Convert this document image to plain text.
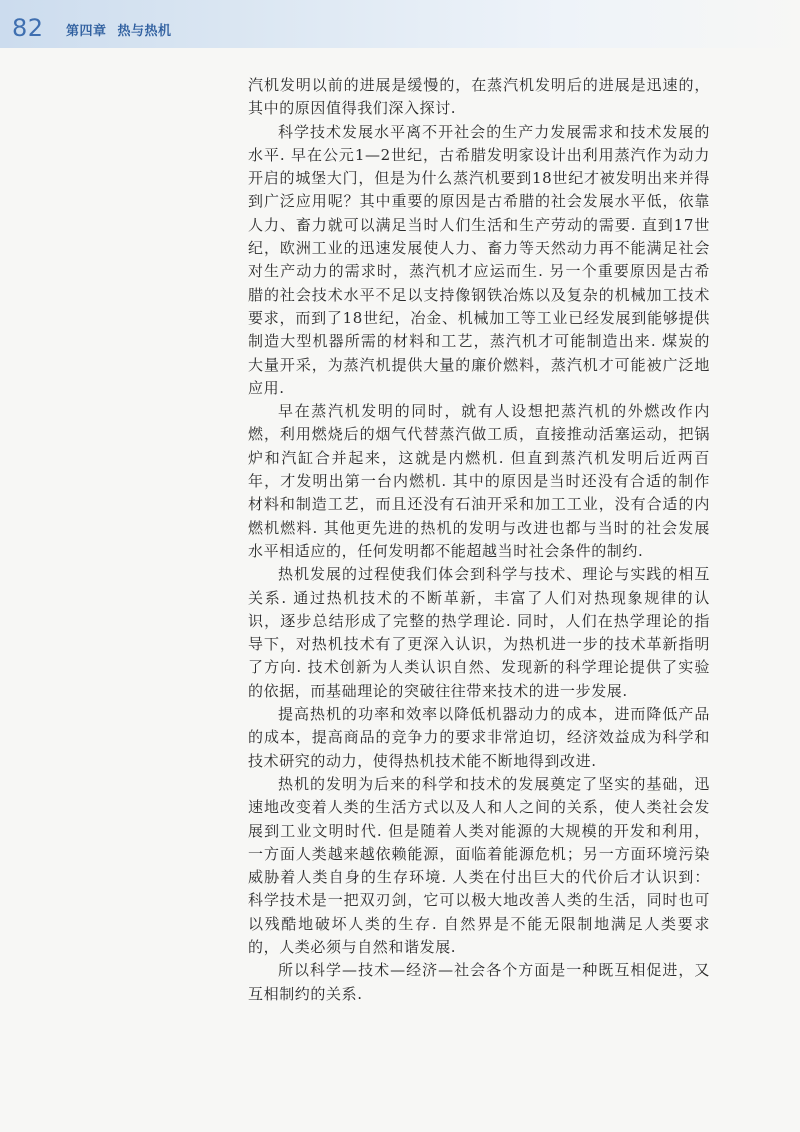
82 第四章 热与热机

汽机发明以前的进展是缓慢的，在蒸汽机发明后的进展是迅速的，其中的原因值得我们深入探讨.

科学技术发展水平离不开社会的生产力发展需求和技术发展的水平. 早在公元1—2世纪，古希腊发明家设计出利用蒸汽作为动力开启的城堡大门，但是为什么蒸汽机要到18世纪才被发明出来并得到广泛应用呢？其中重要的原因是古希腊的社会发展水平低，依靠人力、畜力就可以满足当时人们生活和生产劳动的需要. 直到17世纪，欧洲工业的迅速发展使人力、畜力等天然动力再不能满足社会对生产动力的需求时，蒸汽机才应运而生. 另一个重要原因是古希腊的社会技术水平不足以支持像钢铁冶炼以及复杂的机械加工技术要求，而到了18世纪，冶金、机械加工等工业已经发展到能够提供制造大型机器所需的材料和工艺，蒸汽机才可能制造出来. 煤炭的大量开采，为蒸汽机提供大量的廉价燃料，蒸汽机才可能被广泛地应用.

早在蒸汽机发明的同时，就有人设想把蒸汽机的外燃改作内燃，利用燃烧后的烟气代替蒸汽做工质，直接推动活塞运动，把锅炉和汽缸合并起来，这就是内燃机. 但直到蒸汽机发明后近两百年，才发明出第一台内燃机. 其中的原因是当时还没有合适的制作材料和制造工艺，而且还没有石油开采和加工工业，没有合适的内燃机燃料. 其他更先进的热机的发明与改进也都与当时的社会发展水平相适应的，任何发明都不能超越当时社会条件的制约.

热机发展的过程使我们体会到科学与技术、理论与实践的相互关系. 通过热机技术的不断革新，丰富了人们对热现象规律的认识，逐步总结形成了完整的热学理论. 同时，人们在热学理论的指导下，对热机技术有了更深入认识，为热机进一步的技术革新指明了方向. 技术创新为人类认识自然、发现新的科学理论提供了实验的依据，而基础理论的突破往往带来技术的进一步发展.

提高热机的功率和效率以降低机器动力的成本，进而降低产品的成本，提高商品的竞争力的要求非常迫切，经济效益成为科学和技术研究的动力，使得热机技术能不断地得到改进.

热机的发明为后来的科学和技术的发展奠定了坚实的基础，迅速地改变着人类的生活方式以及人和人之间的关系，使人类社会发展到工业文明时代. 但是随着人类对能源的大规模的开发和利用，一方面人类越来越依赖能源，面临着能源危机；另一方面环境污染威胁着人类自身的生存环境. 人类在付出巨大的代价后才认识到：科学技术是一把双刃剑，它可以极大地改善人类的生活，同时也可以残酷地破坏人类的生存. 自然界是不能无限制地满足人类要求的，人类必须与自然和谐发展.

所以科学—技术—经济—社会各个方面是一种既互相促进，又互相制约的关系.
